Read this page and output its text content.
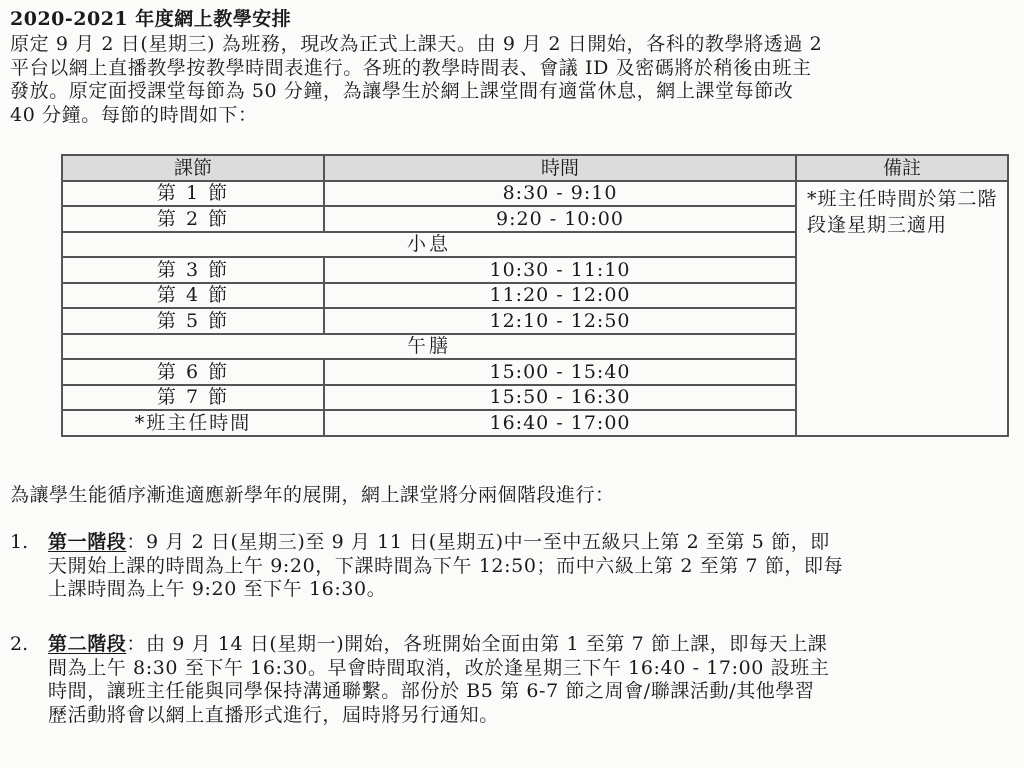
2020-2021 年度網上教學安排
原定 9 月 2 日(星期三) 為班務，現改為正式上課天。由 9 月 2 日開始，各科的教學將透過 2
平台以網上直播教學按教學時間表進行。各班的教學時間表、會議 ID 及密碼將於稍後由班主
發放。原定面授課堂每節為 50 分鐘，為讓學生於網上課堂間有適當休息，網上課堂每節改
40 分鐘。每節的時間如下：
課節	時間	備註
第 1 節	8:30 - 9:10	*班主任時間於第二階段逢星期三適用
第 2 節	9:20 - 10:00	
小息		
第 3 節	10:30 - 11:10	
第 4 節	11:20 - 12:00	
第 5 節	12:10 - 12:50	
午膳		
第 6 節	15:00 - 15:40	
第 7 節	15:50 - 16:30	
*班主任時間	16:40 - 17:00	
為讓學生能循序漸進適應新學年的展開，網上課堂將分兩個階段進行：
1. 第一階段：9 月 2 日(星期三)至 9 月 11 日(星期五)中一至中五級只上第 2 至第 5 節，即
天開始上課的時間為上午 9:20，下課時間為下午 12:50；而中六級上第 2 至第 7 節，即每
上課時間為上午 9:20 至下午 16:30。
2. 第二階段：由 9 月 14 日(星期一)開始，各班開始全面由第 1 至第 7 節上課，即每天上課
間為上午 8:30 至下午 16:30。早會時間取消，改於逢星期三下午 16:40 - 17:00 設班主
時間，讓班主任能與同學保持溝通聯繫。部份於 B5 第 6-7 節之周會/聯課活動/其他學習
歷活動將會以網上直播形式進行，屆時將另行通知。
